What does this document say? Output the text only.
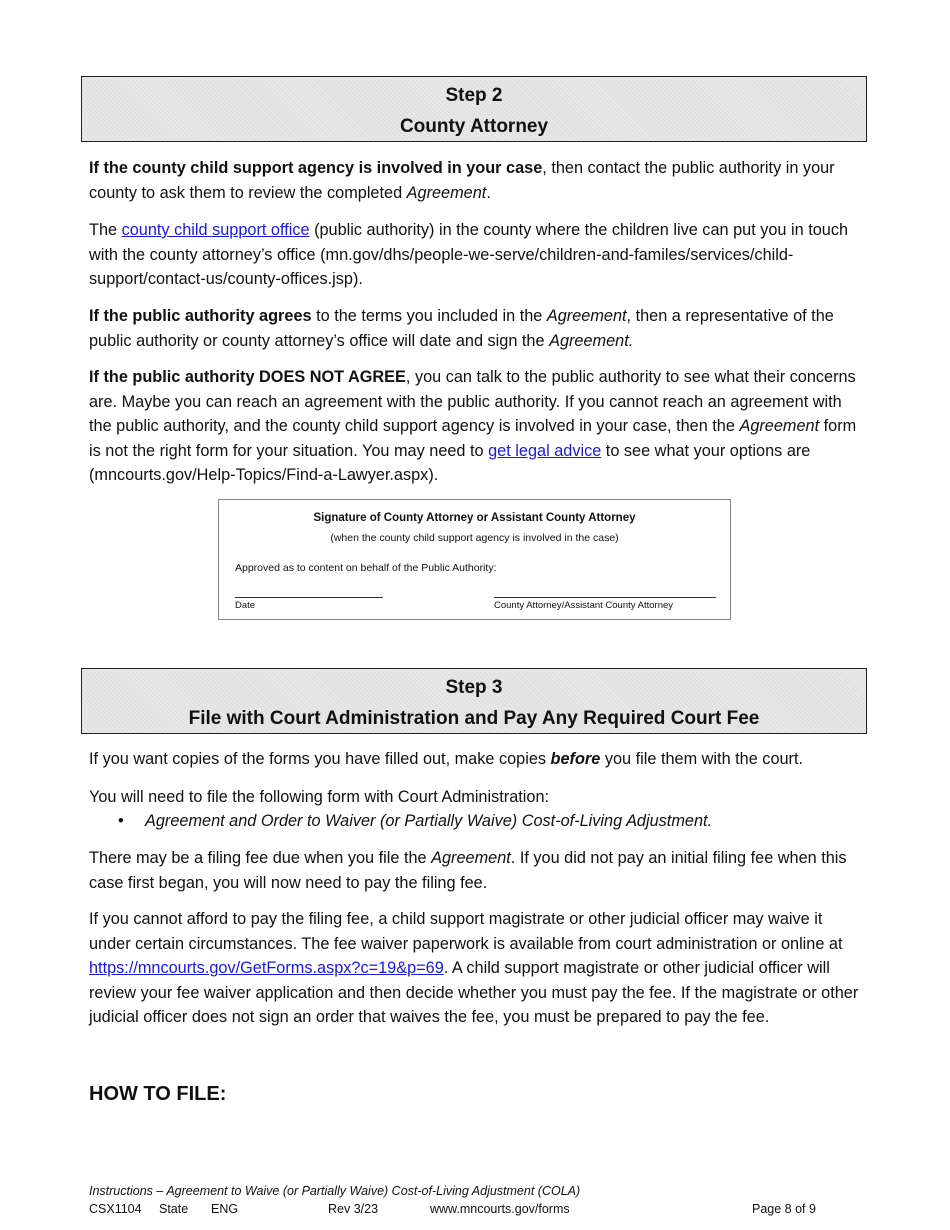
Step 2
County Attorney

If the county child support agency is involved in your case, then contact the public authority in your county to ask them to review the completed Agreement.

The county child support office (public authority) in the county where the children live can put you in touch with the county attorney’s office (mn.gov/dhs/people-we-serve/children-and-familes/services/child-support/contact-us/county-offices.jsp).

If the public authority agrees to the terms you included in the Agreement, then a representative of the public authority or county attorney’s office will date and sign the Agreement.

If the public authority DOES NOT AGREE, you can talk to the public authority to see what their concerns are. Maybe you can reach an agreement with the public authority. If you cannot reach an agreement with the public authority, and the county child support agency is involved in your case, then the Agreement form is not the right form for your situation. You may need to get legal advice to see what your options are (mncourts.gov/Help-Topics/Find-a-Lawyer.aspx).

Signature of County Attorney or Assistant County Attorney
(when the county child support agency is involved in the case)
Approved as to content on behalf of the Public Authority:
Date	County Attorney/Assistant County Attorney
Step 3
File with Court Administration and Pay Any Required Court Fee

If you want copies of the forms you have filled out, make copies before you file them with the court.

You will need to file the following form with Court Administration:

• Agreement and Order to Waiver (or Partially Waive) Cost-of-Living Adjustment.

There may be a filing fee due when you file the Agreement. If you did not pay an initial filing fee when this case first began, you will now need to pay the filing fee.

If you cannot afford to pay the filing fee, a child support magistrate or other judicial officer may waive it under certain circumstances. The fee waiver paperwork is available from court administration or online at https://mncourts.gov/GetForms.aspx?c=19&p=69. A child support magistrate or other judicial officer will review your fee waiver application and then decide whether you must pay the fee. If the magistrate or other judicial officer does not sign an order that waives the fee, you must be prepared to pay the fee.

HOW TO FILE:
Instructions – Agreement to Waive (or Partially Waive) Cost-of-Living Adjustment (COLA)
CSX1104 State ENG	Rev 3/23	www.mncourts.gov/forms	Page 8 of 9
